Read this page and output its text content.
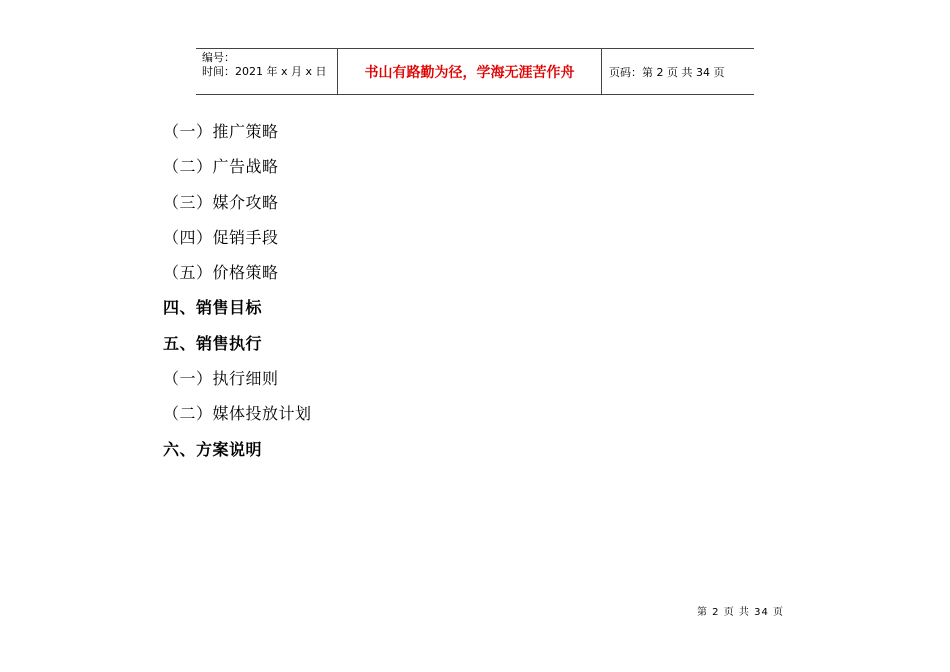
编号：
时间：2021 年 x 月 x 日	书山有路勤为径，学海无涯苦作舟	页码：第 2 页 共 34 页
（一）推广策略
（二）广告战略
（三）媒介攻略
（四）促销手段
（五）价格策略
四、销售目标
五、销售执行
（一）执行细则
（二）媒体投放计划
六、方案说明
第 2 页 共 34 页
